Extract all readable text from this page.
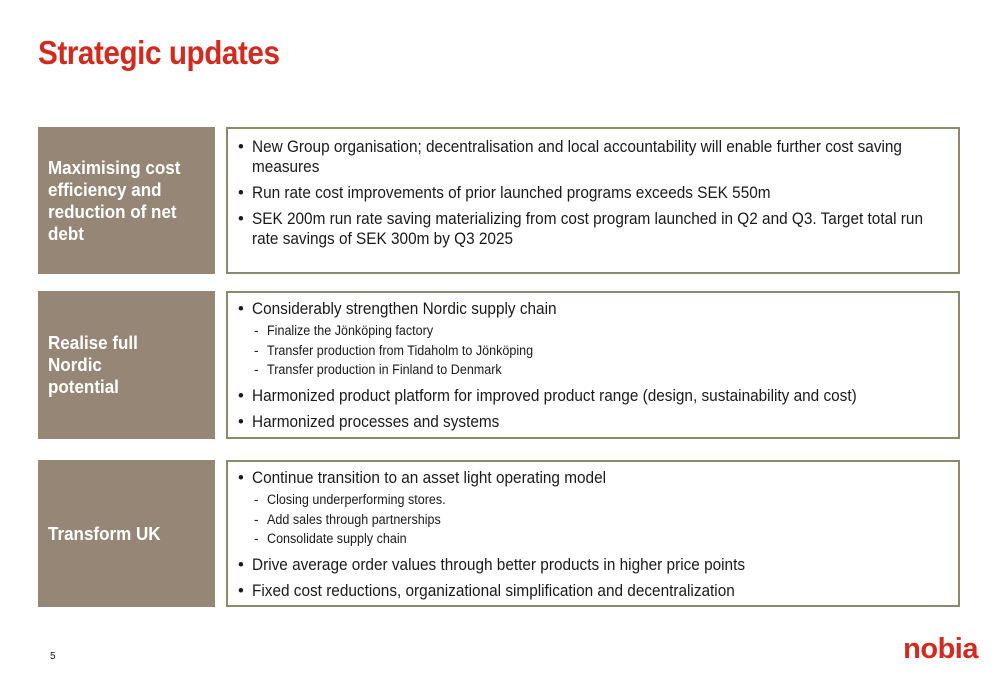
Strategic updates
Maximising cost
efficiency and
reduction of net debt
• New Group organisation; decentralisation and local accountability will enable further cost saving measures
• Run rate cost improvements of prior launched programs exceeds SEK 550m
• SEK 200m run rate saving materializing from cost program launched in Q2 and Q3. Target total run rate savings of SEK 300m by Q3 2025
Realise full Nordic
potential
• Considerably strengthen Nordic supply chain
- Finalize the Jönköping factory
- Transfer production from Tidaholm to Jönköping
- Transfer production in Finland to Denmark
• Harmonized product platform for improved product range (design, sustainability and cost)
• Harmonized processes and systems
Transform UK
• Continue transition to an asset light operating model
- Closing underperforming stores.
- Add sales through partnerships
- Consolidate supply chain
• Drive average order values through better products in higher price points
• Fixed cost reductions, organizational simplification and decentralization
5	nobia
